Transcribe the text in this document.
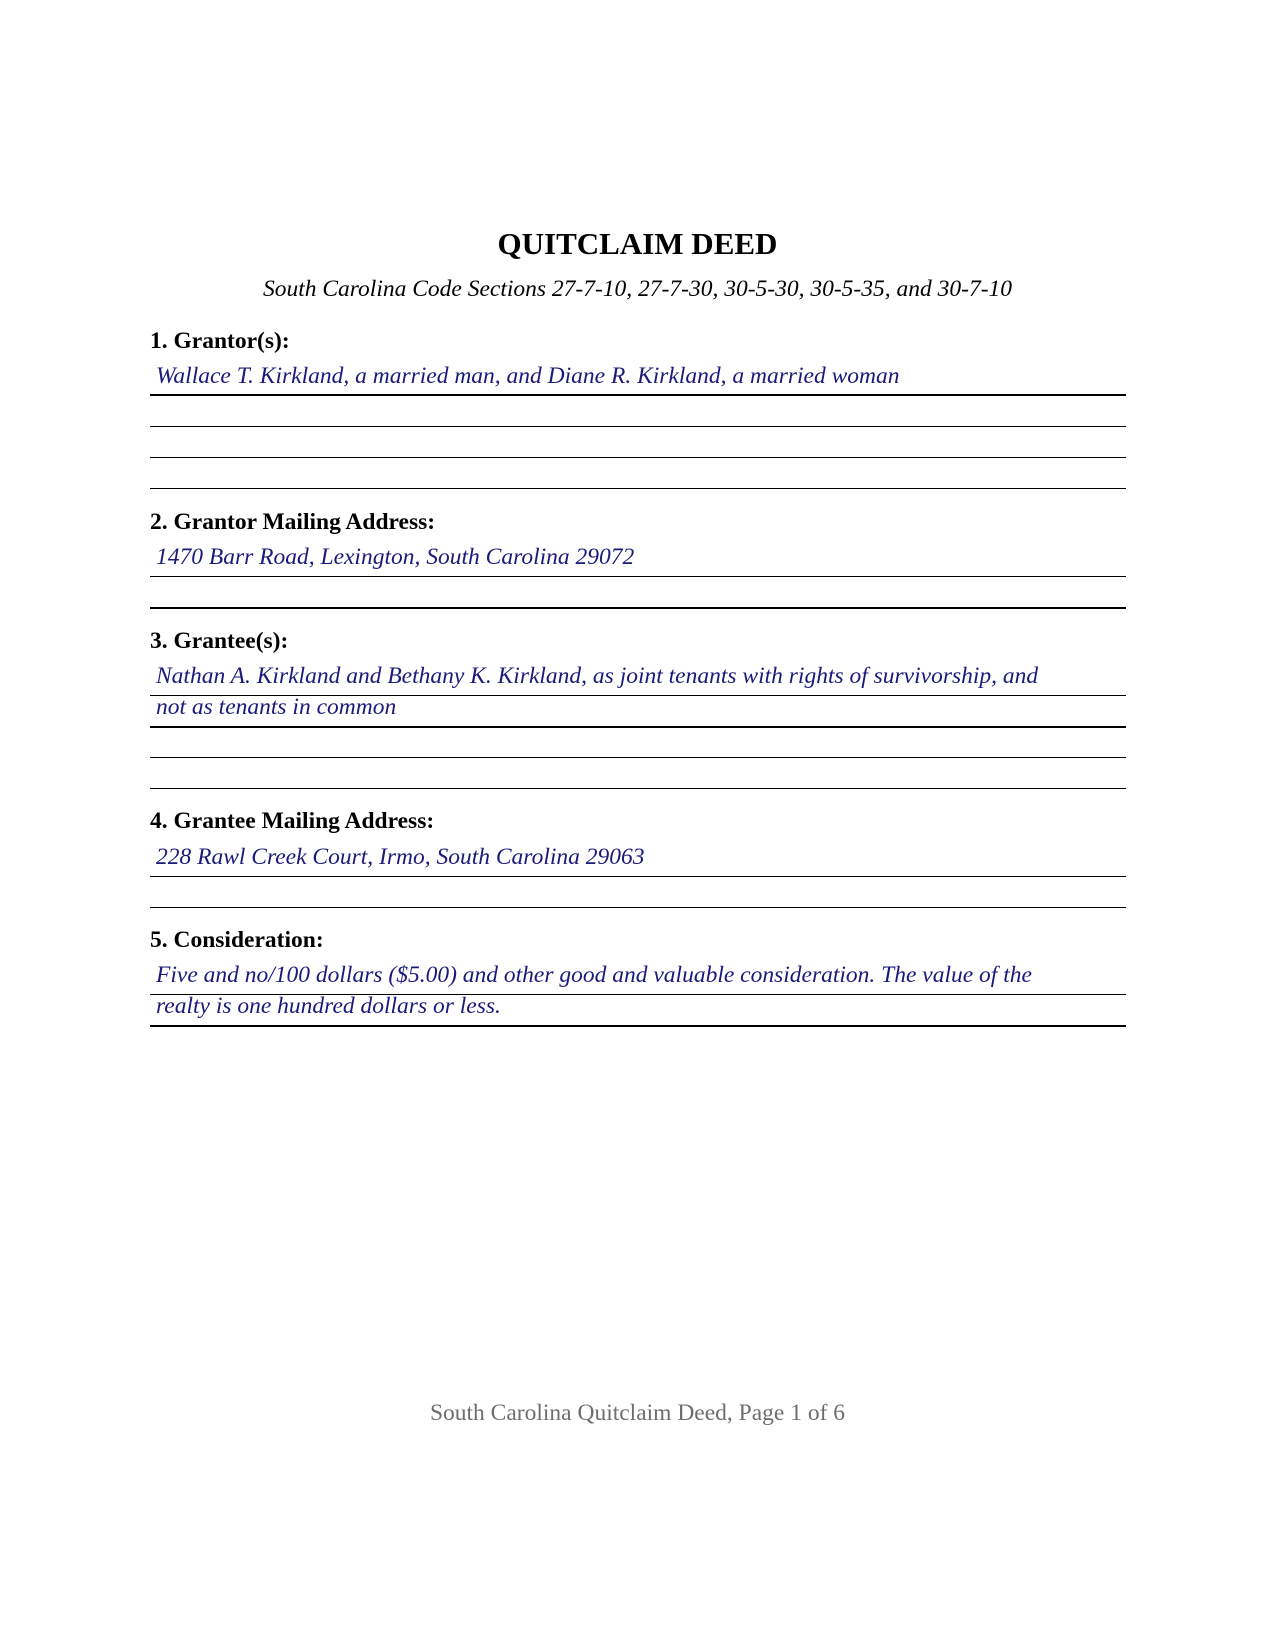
QUITCLAIM DEED
South Carolina Code Sections 27-7-10, 27-7-30, 30-5-30, 30-5-35, and 30-7-10
1. Grantor(s):
Wallace T. Kirkland, a married man, and Diane R. Kirkland, a married woman
2. Grantor Mailing Address:
1470 Barr Road, Lexington, South Carolina 29072
3. Grantee(s):
Nathan A. Kirkland and Bethany K. Kirkland, as joint tenants with rights of survivorship, and
not as tenants in common
4. Grantee Mailing Address:
228 Rawl Creek Court, Irmo, South Carolina 29063
5. Consideration:
Five and no/100 dollars ($5.00) and other good and valuable consideration. The value of the
realty is one hundred dollars or less.
South Carolina Quitclaim Deed, Page 1 of 6
